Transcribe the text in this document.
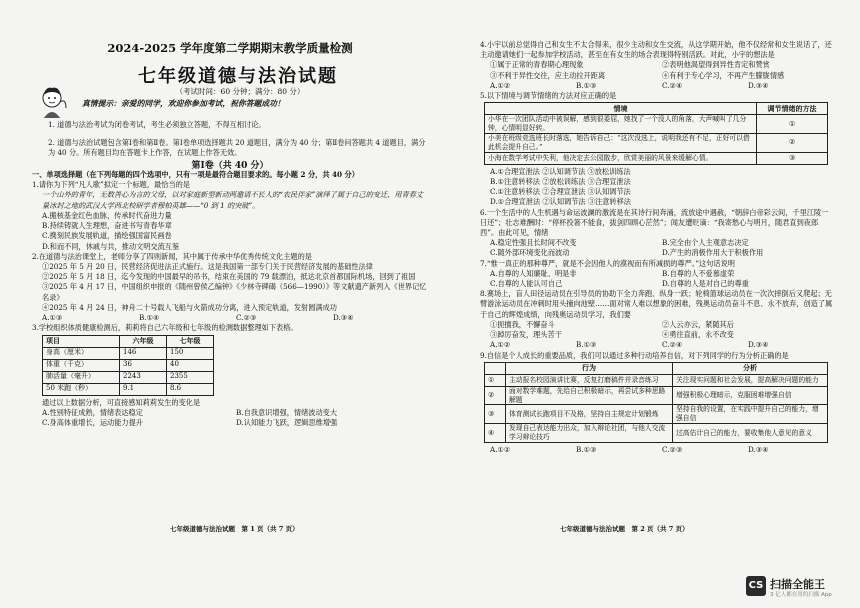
2024-2025 学年度第二学期期末教学质量检测
七年级道德与法治试题
（考试时间：60 分钟；满分：80 分）
真情提示：亲爱的同学，欢迎你参加考试，祝你答题成功！

1. 道德与法治考试为闭卷考试，考生必须独立答题，不得互相讨论。

2. 道德与法治试题包含第Ⅰ卷和第Ⅱ卷。第Ⅰ卷单项选择题共 20 道题目，满分为 40 分；第Ⅱ卷问答题共 4 道题目，满分为 40 分。所有题目均在答题卡上作答，在试题上作答无效。

第Ⅰ卷（共 40 分）

一、单项选择题（在下列每题的四个选项中，只有一项是最符合题目要求的。每小题 2 分，共 40 分）

1.请你为下列“凡人歌”拟定一个标题，最恰当的是

一个山外的青年，无数善心为言的父母，以对家庭新型新动两邀请不长人的“农民伴家”演绎了属于自己的变迁，用青春丈量冰封之地的武汉大学西北校研学者穆柏英雄——“0 到 1 的突破”。

A.搬核基金红色血脉，传承时代奋进力量

B.持续铸就人生理想，奋进书写青春华章

C.携刻民族发展轨道，描绘强国富民画卷

D.和而不同，休戚与共，推动文明交流互鉴

2.在道德与法治课堂上，老师分享了四则新闻，其中属于传承中华优秀传统文化主题的是

①2025 年 5 月 20 日，民营经济促进法正式施行。这是我国第一部专门关于民营经济发展的基础性法律

②2025 年 5 月 18 日，迄今发现的中国最早的吊书，结束在美国的 79 载漂泊，抵达北京首都国际机场，回到了祖国

③2025 年 4 月 17 日，中国组织申报的《随州曾侯乙编钟》《少林寺碑碣（566—1990）》等文献遗产新列入《世界记忆名录》

④2025 年 4 月 24 日，神舟二十号载人飞船与火箭成功分离，进入预定轨道，发射圆满成功

A.①③	B.①④	C.②③	D.③④

3.学校组织体质健康检测后，莉莉将自己六年级和七年级的检测数据整理如下表格。

项目	六年级	七年级
身高（厘米）	146	150
体重（千克）	36	40
肺活量（毫升）	2243	2355
50 米跑（秒）	9.1	8.6

通过以上数据分析，可直接感知莉莉发生的变化是

A.性别特征成熟，情绪表达稳定	B.自我意识增强，情绪波动变大
C.身高体重增长，运动能力提升	D.认知能力飞跃，逻辑思维增强
七年级道德与法治试题　第 1 页（共 7 页）

4.小宇以前总觉得自己和女生不太合得来，很少主动和女生交流，从这学期开始，他不仅经常和女生说话了，还主动邀请她们一起参加学校活动，甚至在有女生的场合表现得特别活跃。对此，小宇的想法是

①属于正常的青春期心理现象	②表明他渴望得到异性肯定和赞赏
③不利于异性交往，应主动拉开距离	④有利于专心学习，不再产生朦胧情感
A.①②	B.①③	C.②④	D.③④

5.以下情境与调节情绪的方法对应正确的是

情境	调节情绪的方法
小华在一次团队活动中被误解，感到很委屈，她找了一个没人的角落，大声喊叫了几分钟，心情明显好转。	①
小美在班级竞选班长时落选，她告诉自己：“这次没选上，说明我还有不足，正好可以借此机会提升自己。”	②
小海在数学考试中失利，他决定去公园散步，欣赏美丽的风景来缓解心情。	③

A.①合理宣泄法 ②认知调节法 ③放松训练法

B.①注意转移法 ②放松训练法 ③合理宣泄法

C.①注意转移法 ②合理宣泄法 ③认知调节法

D.①合理宣泄法 ②认知调节法 ③注意转移法

6.一个生活中的人生机遇与命运波澜的激流是在其诗行间奔涌，流放途中遇赦，“朝辞白帝彩云间，千里江陵一日还”；壮志难酬时：“停杯投箸不能食，拔剑四顾心茫然”；闻友遭贬谪：“我寄愁心与明月，随君直到夜郎西”。由此可见，情绪

A.稳定性强且长时间不改变	B.完全由个人主观意志决定
C.随外部环境变化而波动	D.产生的消极作用大于积极作用

7.“惟一真正的那种尊严，就是不会因他人的漠视而有所减损的尊严。”这句话说明

A.自尊的人知廉耻、明是非	B.自尊的人不爱慕虚荣
C.自尊的人能认可自己	D.自尊的人是对自己的尊重

8.赛场上，盲人田径运动员在引导员的协助下全力奔跑、纵身一跃；轮椅篮球运动员在一次次摔倒后又爬起；无臂游泳运动员在冲刺时用头撞向池壁……面对常人难以想象的困难，残奥运动员奋斗不息、永不放弃，创造了属于自己的辉煌成绩，向残奥运动员学习，我们要

①扼擅我，不懈奋斗	②人云亦云，紧随其后
③踔厉奋发，理头苦干	④勇往直前，永不改变
A.①②	B.①③	C.②④	D.③④

9.自信是个人成长的重要品质，我们可以通过多种行动培养自信，对下列同学的行为分析正确的是

	行为	分析
①	主动报名校园演讲比赛，反复打磨稿件并录音练习	关注现实问题和社会发展，提高解决问题的能力
②	面对数学难题，先给自己积极暗示，再尝试多种思路解题	增强积极心理暗示，克服困难增强自信
③	体育测试长跑项目不及格，坚持自主规定计划锻炼	坚持自我的设置，在实践中提升自己的能力，增强自信
④	发现自己表达能力出众，加入辩论社团，与他人交流学习辩论技巧	过高估计自己的能力，要收集他人意见的意义
A.①②	B.①③	C.②③	D.③④
七年级道德与法治试题　第 2 页（共 7 页）
CS 扫描全能王
3 亿人都在用的扫描 App
